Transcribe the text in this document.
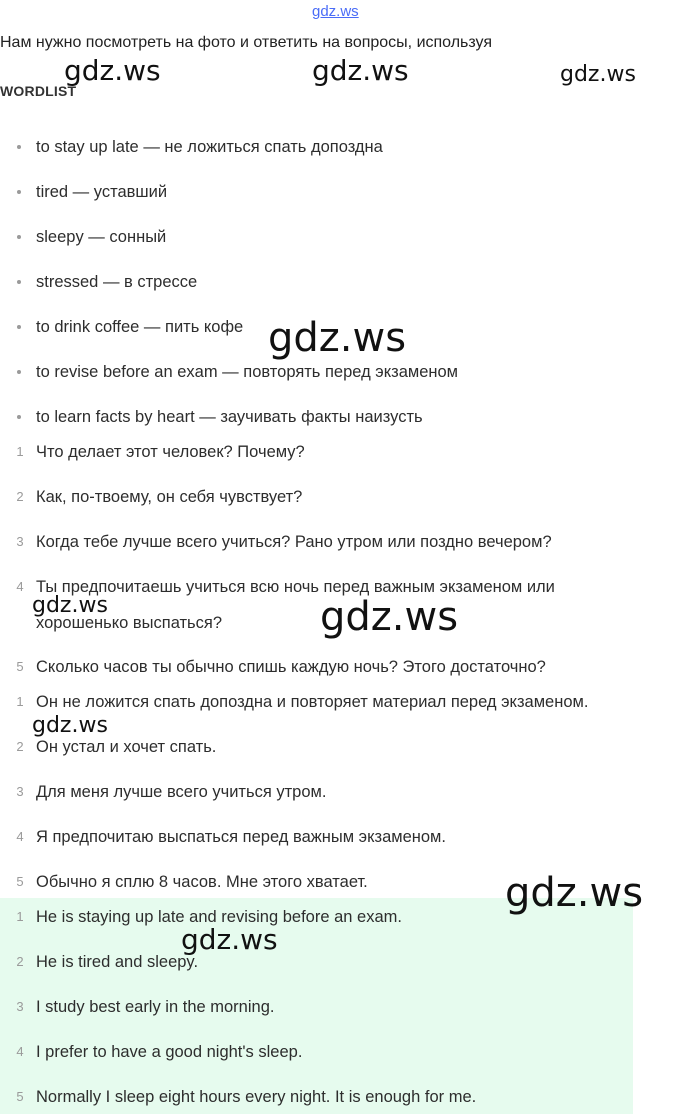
gdz.ws
Нам нужно посмотреть на фото и ответить на вопросы, используя
WORDLIST
to stay up late — не ложиться спать допоздна
tired — уставший
sleepy — сонный
stressed — в стрессе
to drink coffee — пить кофе
to revise before an exam — повторять перед экзаменом
to learn facts by heart — заучивать факты наизусть
1 Что делает этот человек? Почему?
2 Как, по-твоему, он себя чувствует?
3 Когда тебе лучше всего учиться? Рано утром или поздно вечером?
4 Ты предпочитаешь учиться всю ночь перед важным экзаменом или хорошенько выспаться?
5 Сколько часов ты обычно спишь каждую ночь? Этого достаточно?
1 Он не ложится спать допоздна и повторяет материал перед экзаменом.
2 Он устал и хочет спать.
3 Для меня лучше всего учиться утром.
4 Я предпочитаю выспаться перед важным экзаменом.
5 Обычно я сплю 8 часов. Мне этого хватает.
1 He is staying up late and revising before an exam.
2 He is tired and sleepy.
3 I study best early in the morning.
4 I prefer to have a good night's sleep.
5 Normally I sleep eight hours every night. It is enough for me.
gdz.ws	gdz.ws	gdz.ws
gdz.ws
gdz.ws	gdz.ws
gdz.ws
gdz.ws
gdz.ws
